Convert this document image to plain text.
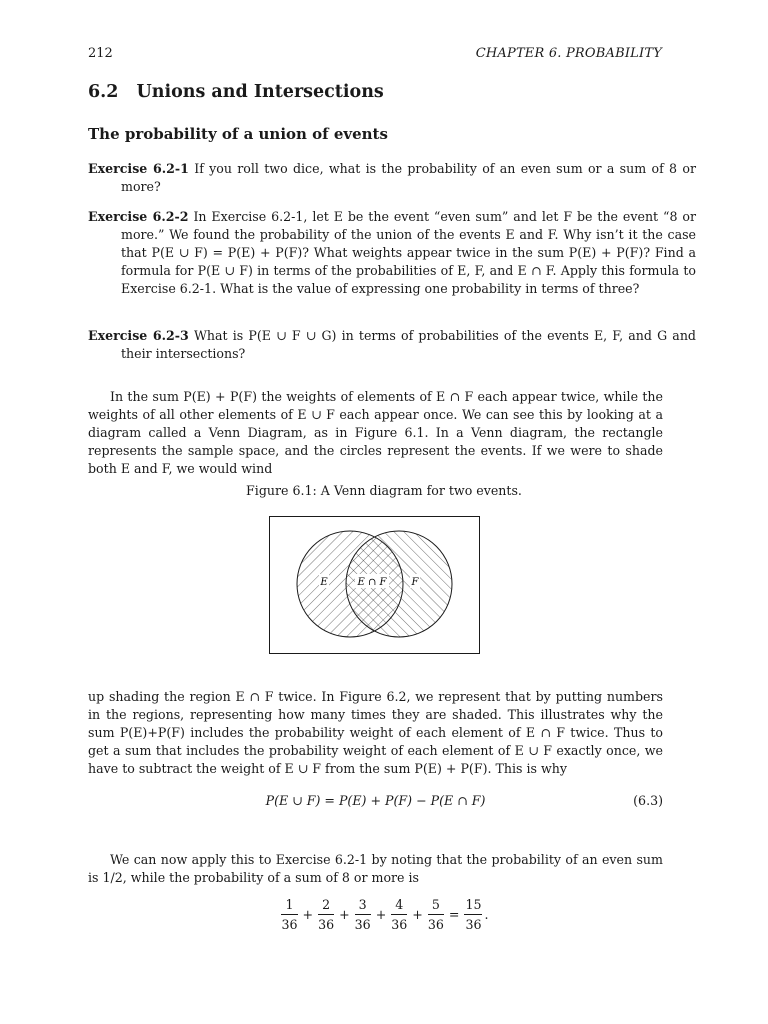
212	CHAPTER 6. PROBABILITY
6.2 Unions and Intersections
The probability of a union of events
Exercise 6.2-1 If you roll two dice, what is the probability of an even sum or a sum of 8 or more?
Exercise 6.2-2 In Exercise 6.2-1, let E be the event “even sum” and let F be the event “8 or more.” We found the probability of the union of the events E and F. Why isn’t it the case that P(E ∪ F) = P(E) + P(F)? What weights appear twice in the sum P(E) + P(F)? Find a formula for P(E ∪ F) in terms of the probabilities of E, F, and E ∩ F. Apply this formula to Exercise 6.2-1. What is the value of expressing one probability in terms of three?
Exercise 6.2-3 What is P(E ∪ F ∪ G) in terms of probabilities of the events E, F, and G and their intersections?
In the sum P(E) + P(F) the weights of elements of E ∩ F each appear twice, while the weights of all other elements of E ∪ F each appear once. We can see this by looking at a diagram called a Venn Diagram, as in Figure 6.1. In a Venn diagram, the rectangle represents the sample space, and the circles represent the events. If we were to shade both E and F, we would wind
Figure 6.1: A Venn diagram for two events.
E	E ∩ F	F
up shading the region E ∩ F twice. In Figure 6.2, we represent that by putting numbers in the regions, representing how many times they are shaded. This illustrates why the sum P(E)+P(F) includes the probability weight of each element of E ∩ F twice. Thus to get a sum that includes the probability weight of each element of E ∪ F exactly once, we have to subtract the weight of E ∪ F from the sum P(E) + P(F). This is why
P(E ∪ F) = P(E) + P(F) − P(E ∩ F)	(6.3)
We can now apply this to Exercise 6.2-1 by noting that the probability of an even sum is 1/2, while the probability of a sum of 8 or more is
$\frac{1}{36} + \frac{2}{36} + \frac{3}{36} + \frac{4}{36} + \frac{5}{36} = \frac{15}{36}$ .
